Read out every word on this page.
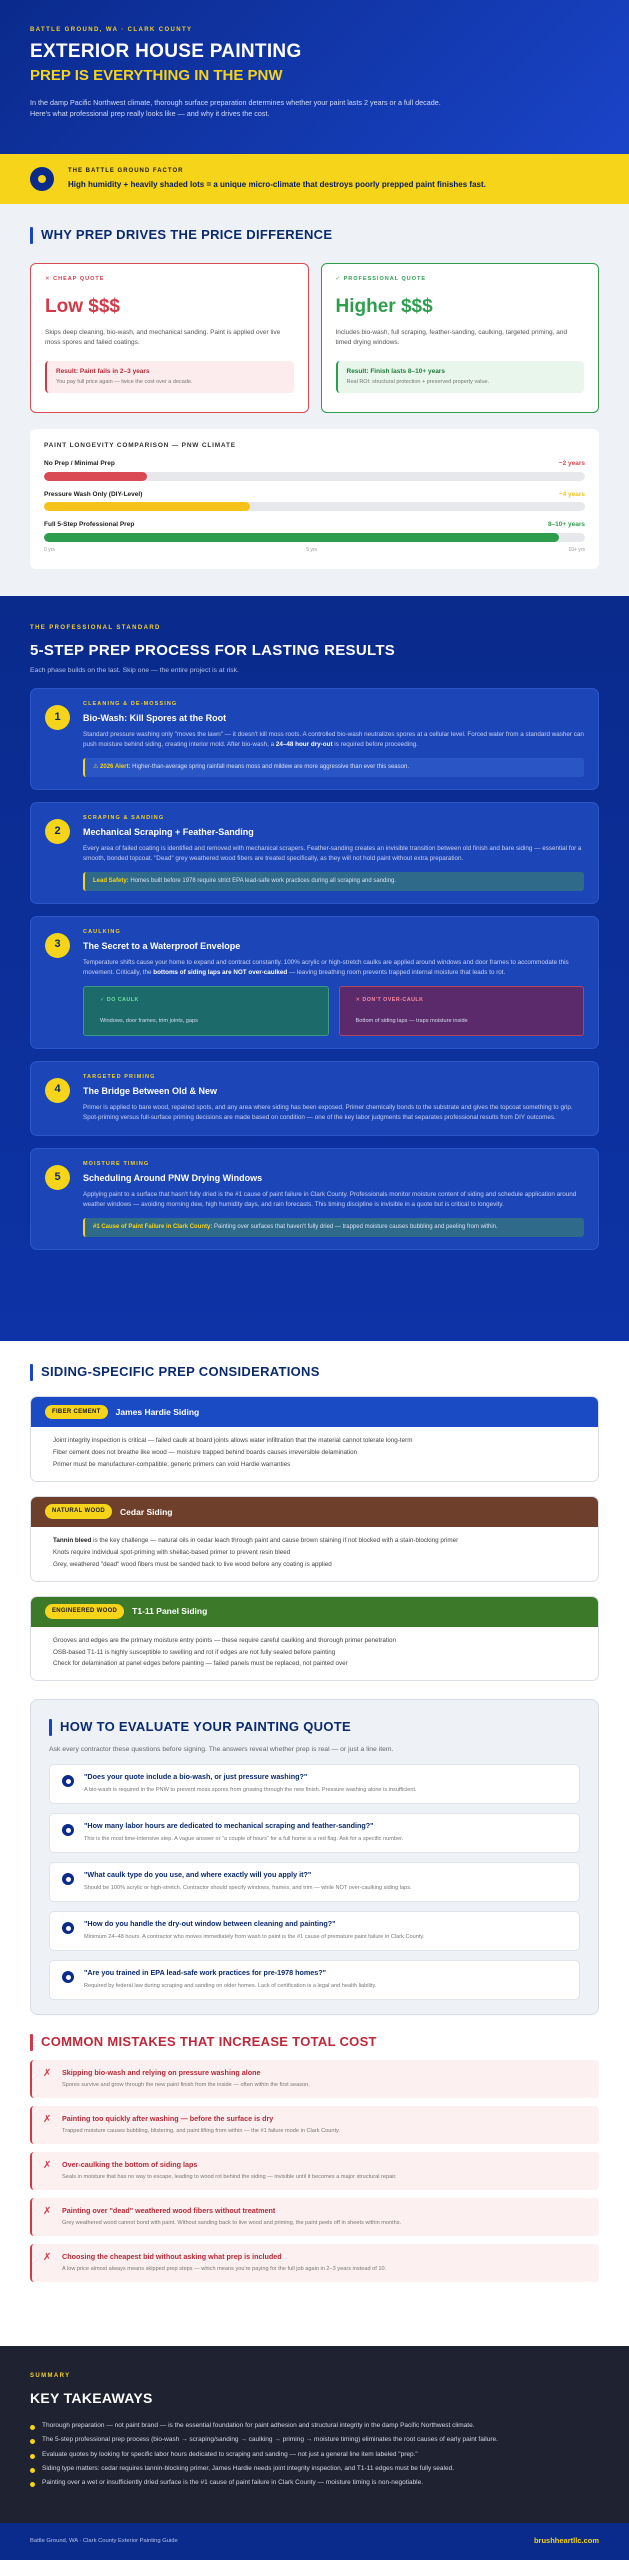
BATTLE GROUND, WA · CLARK COUNTY
EXTERIOR HOUSE PAINTING
PREP IS EVERYTHING IN THE PNW

In the damp Pacific Northwest climate, thorough surface preparation determines whether your paint lasts 2 years or a full decade. Here's what professional prep really looks like — and why it drives the cost.

THE BATTLE GROUND FACTOR
High humidity + heavily shaded lots = a unique micro-climate that destroys poorly prepped paint finishes fast.
WHY PREP DRIVES THE PRICE DIFFERENCE
✕ CHEAP QUOTE
Low $$$
Skips deep cleaning, bio-wash, and mechanical sanding. Paint is applied over live moss spores and failed coatings.
Result: Paint fails in 2–3 years
You pay full price again — twice the cost over a decade.
✓ PROFESSIONAL QUOTE
Higher $$$
Includes bio-wash, full scraping, feather-sanding, caulking, targeted priming, and timed drying windows.
Result: Finish lasts 8–10+ years
Real ROI: structural protection + preserved property value.
PAINT LONGEVITY COMPARISON — PNW CLIMATE
No Prep / Minimal Prep	~2 years
Pressure Wash Only (DIY-Level)	~4 years
Full 5-Step Professional Prep	8–10+ years
0 yrs	5 yrs	10+ yrs
THE PROFESSIONAL STANDARD
5-STEP PREP PROCESS FOR LASTING RESULTS
Each phase builds on the last. Skip one — the entire project is at risk.
1
CLEANING & DE-MOSSING
Bio-Wash: Kill Spores at the Root
Standard pressure washing only "moves the lawn" — it doesn't kill moss roots. A controlled bio-wash neutralizes spores at a cellular level. Forced water from a standard washer can push moisture behind siding, creating interior mold. After bio-wash, a 24–48 hour dry-out is required before proceeding.
⚠ 2026 Alert: Higher-than-average spring rainfall means moss and mildew are more aggressive than ever this season.
2
SCRAPING & SANDING
Mechanical Scraping + Feather-Sanding
Every area of failed coating is identified and removed with mechanical scrapers. Feather-sanding creates an invisible transition between old finish and bare siding — essential for a smooth, bonded topcoat. "Dead" grey weathered wood fibers are treated specifically, as they will not hold paint without extra preparation.
Lead Safety: Homes built before 1978 require strict EPA lead-safe work practices during all scraping and sanding.
3
CAULKING
The Secret to a Waterproof Envelope
Temperature shifts cause your home to expand and contract constantly. 100% acrylic or high-stretch caulks are applied around windows and door frames to accommodate this movement. Critically, the bottoms of siding laps are NOT over-caulked — leaving breathing room prevents trapped internal moisture that leads to rot.
✓ DO CAULK
Windows, door frames, trim joints, gaps
✕ DON'T OVER-CAULK
Bottom of siding laps — traps moisture inside
4
TARGETED PRIMING
The Bridge Between Old & New
Primer is applied to bare wood, repaired spots, and any area where siding has been exposed. Primer chemically bonds to the substrate and gives the topcoat something to grip. Spot-priming versus full-surface priming decisions are made based on condition — one of the key labor judgments that separates professional results from DIY outcomes.
5
MOISTURE TIMING
Scheduling Around PNW Drying Windows
Applying paint to a surface that hasn't fully dried is the #1 cause of paint failure in Clark County. Professionals monitor moisture content of siding and schedule application around weather windows — avoiding morning dew, high humidity days, and rain forecasts. This timing discipline is invisible in a quote but is critical to longevity.
#1 Cause of Paint Failure in Clark County: Painting over surfaces that haven't fully dried — trapped moisture causes bubbling and peeling from within.
SIDING-SPECIFIC PREP CONSIDERATIONS
FIBER CEMENT	James Hardie Siding
Joint integrity inspection is critical — failed caulk at board joints allows water infiltration that the material cannot tolerate long-term
Fiber cement does not breathe like wood — moisture trapped behind boards causes irreversible delamination
Primer must be manufacturer-compatible; generic primers can void Hardie warranties
NATURAL WOOD	Cedar Siding
Tannin bleed is the key challenge — natural oils in cedar leach through paint and cause brown staining if not blocked with a stain-blocking primer
Knots require individual spot-priming with shellac-based primer to prevent resin bleed
Grey, weathered "dead" wood fibers must be sanded back to live wood before any coating is applied
ENGINEERED WOOD	T1-11 Panel Siding
Grooves and edges are the primary moisture entry points — these require careful caulking and thorough primer penetration
OSB-based T1-11 is highly susceptible to swelling and rot if edges are not fully sealed before painting
Check for delamination at panel edges before painting — failed panels must be replaced, not painted over
HOW TO EVALUATE YOUR PAINTING QUOTE
Ask every contractor these questions before signing. The answers reveal whether prep is real — or just a line item.
"Does your quote include a bio-wash, or just pressure washing?"
A bio-wash is required in the PNW to prevent moss spores from growing through the new finish. Pressure washing alone is insufficient.
"How many labor hours are dedicated to mechanical scraping and feather-sanding?"
This is the most time-intensive step. A vague answer or "a couple of hours" for a full home is a red flag. Ask for a specific number.
"What caulk type do you use, and where exactly will you apply it?"
Should be 100% acrylic or high-stretch. Contractor should specify windows, frames, and trim — while NOT over-caulking siding laps.
"How do you handle the dry-out window between cleaning and painting?"
Minimum 24–48 hours. A contractor who moves immediately from wash to paint is the #1 cause of premature paint failure in Clark County.
"Are you trained in EPA lead-safe work practices for pre-1978 homes?"
Required by federal law during scraping and sanding on older homes. Lack of certification is a legal and health liability.
COMMON MISTAKES THAT INCREASE TOTAL COST
✗ Skipping bio-wash and relying on pressure washing alone
Spores survive and grow through the new paint finish from the inside — often within the first season.
✗ Painting too quickly after washing — before the surface is dry
Trapped moisture causes bubbling, blistering, and paint lifting from within — the #1 failure mode in Clark County.
✗ Over-caulking the bottom of siding laps
Seals in moisture that has no way to escape, leading to wood rot behind the siding — invisible until it becomes a major structural repair.
✗ Painting over "dead" weathered wood fibers without treatment
Grey weathered wood cannot bond with paint. Without sanding back to live wood and priming, the paint peels off in sheets within months.
✗ Choosing the cheapest bid without asking what prep is included
A low price almost always means skipped prep steps — which means you're paying for the full job again in 2–3 years instead of 10.
SUMMARY
KEY TAKEAWAYS
Thorough preparation — not paint brand — is the essential foundation for paint adhesion and structural integrity in the damp Pacific Northwest climate.
The 5-step professional prep process (bio-wash → scraping/sanding → caulking → priming → moisture timing) eliminates the root causes of early paint failure.
Evaluate quotes by looking for specific labor hours dedicated to scraping and sanding — not just a general line item labeled "prep."
Siding type matters: cedar requires tannin-blocking primer, James Hardie needs joint integrity inspection, and T1-11 edges must be fully sealed.
Painting over a wet or insufficiently dried surface is the #1 cause of paint failure in Clark County — moisture timing is non-negotiable.
Battle Ground, WA · Clark County Exterior Painting Guide	brushheartllc.com
